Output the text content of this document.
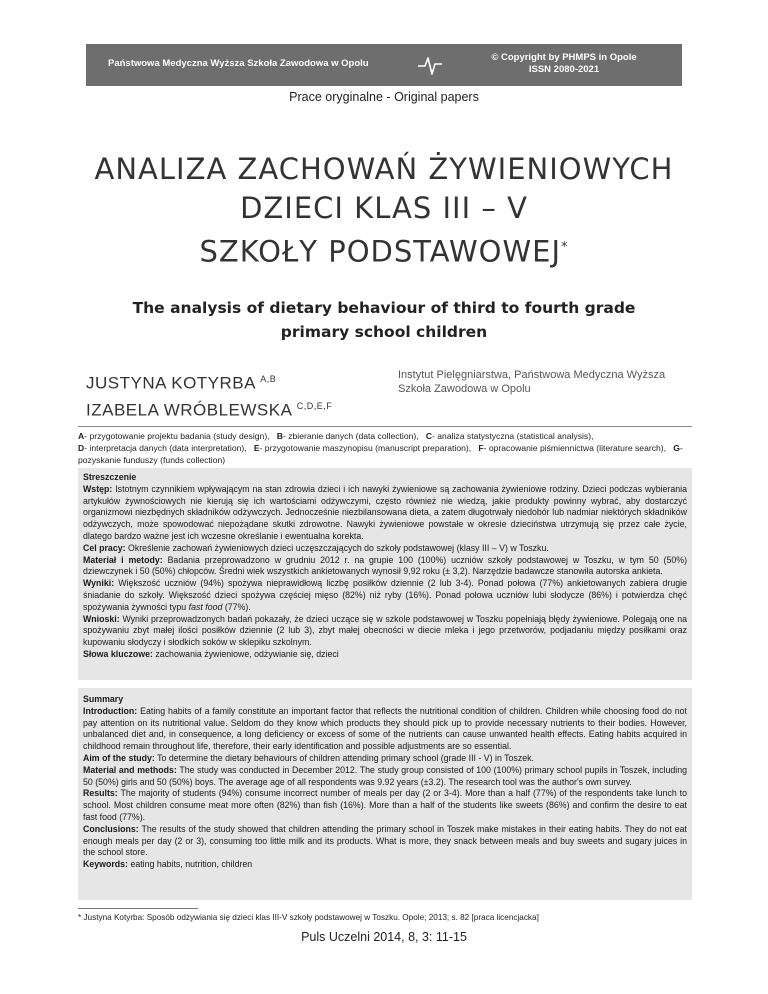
Państwowa Medyczna Wyższa Szkoła Zawodowa w Opolu
© Copyright by PHMPS in Opole
ISSN 2080-2021
Prace oryginalne - Original papers
ANALIZA ZACHOWAŃ ŻYWIENIOWYCH
DZIECI KLAS III – V
SZKOŁY PODSTAWOWEJ*
The analysis of dietary behaviour of third to fourth grade
primary school children
JUSTYNA KOTYRBA $^{A,B}$
IZABELA WRÓBLEWSKA $^{C,D,E,F}$
Instytut Pielęgniarstwa, Państwowa Medyczna Wyższa Szkoła Zawodowa w Opolu
A- przygotowanie projektu badania (study design), B- zbieranie danych (data collection), C- analiza statystyczna (statistical analysis),
D- interpretacja danych (data interpretation), E- przygotowanie maszynopisu (manuscript preparation), F- opracowanie piśmiennictwa (literature search), G- pozyskanie funduszy (funds collection)
Streszczenie

Wstęp: Istotnym czynnikiem wpływającym na stan zdrowia dzieci i ich nawyki żywieniowe są zachowania żywieniowe rodziny. Dzieci podczas wybierania artykułów żywnościowych nie kierują się ich wartościami odżywczymi, często również nie wiedzą, jakie produkty powinny wybrać, aby dostarczyć organizmowi niezbędnych składników odżywczych. Jednocześnie niezbilansowana dieta, a zatem długotrwały niedobór lub nadmiar niektórych składników odżywczych, może spowodować niepożądane skutki zdrowotne. Nawyki żywieniowe powstałe w okresie dzieciństwa utrzymują się przez całe życie, dlatego bardzo ważne jest ich wczesne określanie i ewentualna korekta.

Cel pracy: Określenie zachowań żywieniowych dzieci uczęszczających do szkoły podstawowej (klasy III – V) w Toszku.

Materiał i metody: Badania przeprowadzono w grudniu 2012 r. na grupie 100 (100%) uczniów szkoły podstawowej w Toszku, w tym 50 (50%) dziewczynek i 50 (50%) chłopców. Średni wiek wszystkich ankietowanych wynosił 9,92 roku (± 3,2). Narzędzie badawcze stanowiła autorska ankieta.

Wyniki: Większość uczniów (94%) spożywa nieprawidłową liczbę posiłków dziennie (2 lub 3-4). Ponad połowa (77%) ankietowanych zabiera drugie śniadanie do szkoły. Większość dzieci spożywa częściej mięso (82%) niż ryby (16%). Ponad połowa uczniów lubi słodycze (86%) i potwierdza chęć spożywania żywności typu fast food (77%).

Wnioski: Wyniki przeprowadzonych badań pokazały, że dzieci uczące się w szkole podstawowej w Toszku popełniają błędy żywieniowe. Polegają one na spożywaniu zbyt małej ilości posiłków dziennie (2 lub 3), zbyt małej obecności w diecie mleka i jego przetworów, podjadaniu między posiłkami oraz kupowaniu słodyczy i słodkich soków w sklepiku szkolnym.

Słowa kluczowe: zachowania żywieniowe, odżywianie się, dzieci

Summary

Introduction: Eating habits of a family constitute an important factor that reflects the nutritional condition of children. Children while choosing food do not pay attention on its nutritional value. Seldom do they know which products they should pick up to provide necessary nutrients to their bodies. However, unbalanced diet and, in consequence, a long deficiency or excess of some of the nutrients can cause unwanted health effects. Eating habits acquired in childhood remain throughout life, therefore, their early identification and possible adjustments are so essential.

Aim of the study: To determine the dietary behaviours of children attending primary school (grade III - V) in Toszek.

Material and methods: The study was conducted in December 2012. The study group consisted of 100 (100%) primary school pupils in Toszek, including 50 (50%) girls and 50 (50%) boys. The average age of all respondents was 9.92 years (±3.2). The research tool was the author's own survey.

Results: The majority of students (94%) consume incorrect number of meals per day (2 or 3-4). More than a half (77%) of the respondents take lunch to school. Most children consume meat more often (82%) than fish (16%). More than a half of the students like sweets (86%) and confirm the desire to eat fast food (77%).

Conclusions: The results of the study showed that children attending the primary school in Toszek make mistakes in their eating habits. They do not eat enough meals per day (2 or 3), consuming too little milk and its products. What is more, they snack between meals and buy sweets and sugary juices in the school store.

Keywords: eating habits, nutrition, children

* Justyna Kotyrba: Sposób odżywiania się dzieci klas III-V szkoły podstawowej w Toszku. Opole; 2013; s. 82 [praca licencjacka]
Puls Uczelni 2014, 8, 3: 11-15
